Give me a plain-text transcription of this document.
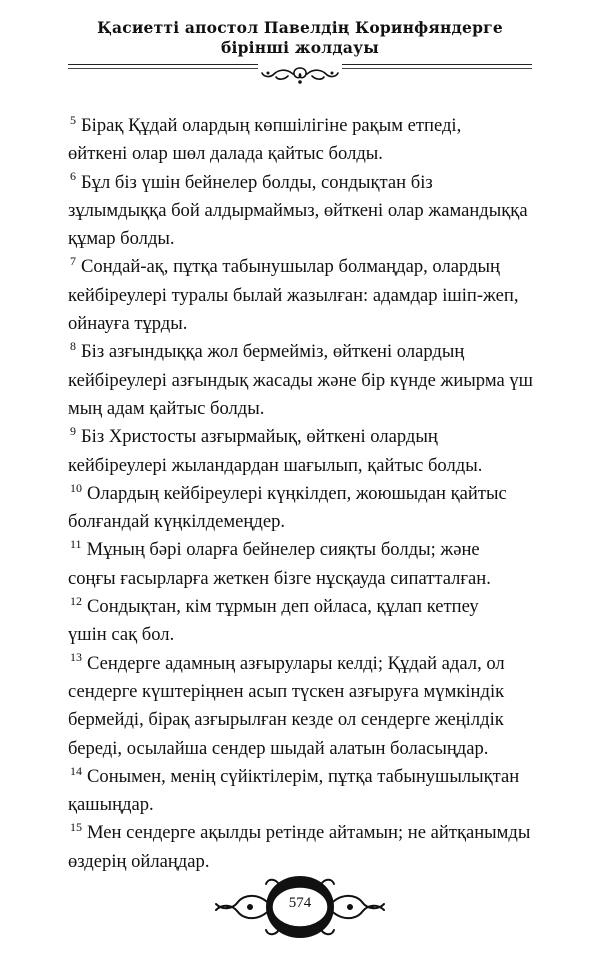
Қасиетті апостол Павелдің Коринфяндерге
бірінші жолдауы

$^5$ Бірақ Құдай олардың көпшілігіне рақым етпеді,
өйткені олар шөл далада қайтыс болды.

$^6$ Бұл біз үшін бейнелер болды, сондықтан біз
зұлымдыққа бой алдырмаймыз, өйткені олар жамандыққа
құмар болды.

$^7$ Сондай-ақ, пұтқа табынушылар болмаңдар, олардың
кейбіреулері туралы былай жазылған: адамдар ішіп-жеп,
ойнауға тұрды.

$^8$ Біз азғындыққа жол бермейміз, өйткені олардың
кейбіреулері азғындық жасады және бір күнде жиырма үш
мың адам қайтыс болды.

$^9$ Біз Христосты азғырмайық, өйткені олардың
кейбіреулері жыландардан шағылып, қайтыс болды.

$^{10}$ Олардың кейбіреулері күңкілдеп, жоюшыдан қайтыс
болғандай күңкілдемеңдер.

$^{11}$ Мұның бәрі оларға бейнелер сияқты болды; және
соңғы ғасырларға жеткен бізге нұсқауда сипатталған.

$^{12}$ Сондықтан, кім тұрмын деп ойласа, құлап кетпеу
үшін сақ бол.

$^{13}$ Сендерге адамның азғырулары келді; Құдай адал, ол
сендерге күштеріңнен асып түскен азғыруға мүмкіндік
бермейді, бірақ азғырылған кезде ол сендерге жеңілдік
береді, осылайша сендер шыдай алатын боласыңдар.

$^{14}$ Сонымен, менің сүйіктілерім, пұтқа табынушылықтан
қашыңдар.

$^{15}$ Мен сендерге ақылды ретінде айтамын; не айтқанымды
өздерің ойлаңдар.

574
